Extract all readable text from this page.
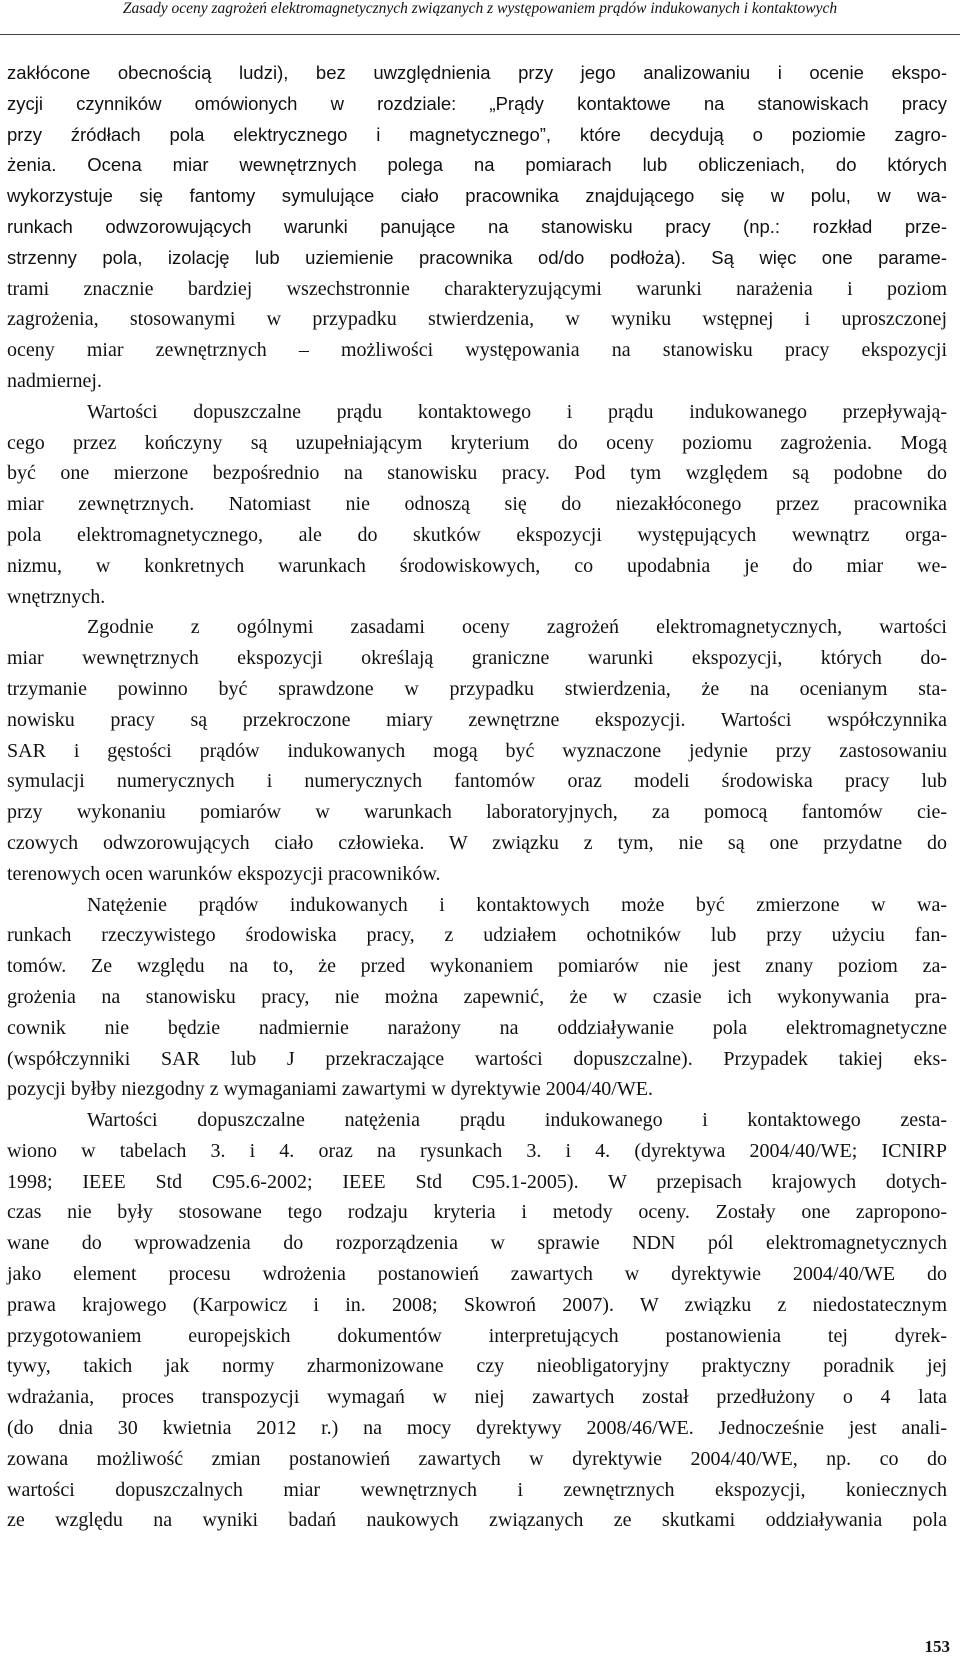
Zasady oceny zagrożeń elektromagnetycznych związanych z występowaniem prądów indukowanych i kontaktowych
zakłócone obecnością ludzi), bez uwzględnienia przy jego analizowaniu i ocenie ekspo-
zycji czynników omówionych w rozdziale: „Prądy kontaktowe na stanowiskach pracy
przy źródłach pola elektrycznego i magnetycznego”, które decydują o poziomie zagro-
żenia. Ocena miar wewnętrznych polega na pomiarach lub obliczeniach, do których
wykorzystuje się fantomy symulujące ciało pracownika znajdującego się w polu, w wa-
runkach odwzorowujących warunki panujące na stanowisku pracy (np.: rozkład prze-
strzenny pola, izolację lub uziemienie pracownika od/do podłoża). Są więc one parame-
trami znacznie bardziej wszechstronnie charakteryzującymi warunki narażenia i poziom
zagrożenia, stosowanymi w przypadku stwierdzenia, w wyniku wstępnej i uproszczonej
oceny miar zewnętrznych – możliwości występowania na stanowisku pracy ekspozycji
nadmiernej.
Wartości dopuszczalne prądu kontaktowego i prądu indukowanego przepływają-
cego przez kończyny są uzupełniającym kryterium do oceny poziomu zagrożenia. Mogą
być one mierzone bezpośrednio na stanowisku pracy. Pod tym względem są podobne do
miar zewnętrznych. Natomiast nie odnoszą się do niezakłóconego przez pracownika
pola elektromagnetycznego, ale do skutków ekspozycji występujących wewnątrz orga-
nizmu, w konkretnych warunkach środowiskowych, co upodabnia je do miar we-
wnętrznych.
Zgodnie z ogólnymi zasadami oceny zagrożeń elektromagnetycznych, wartości
miar wewnętrznych ekspozycji określają graniczne warunki ekspozycji, których do-
trzymanie powinno być sprawdzone w przypadku stwierdzenia, że na ocenianym sta-
nowisku pracy są przekroczone miary zewnętrzne ekspozycji. Wartości współczynnika
SAR i gęstości prądów indukowanych mogą być wyznaczone jedynie przy zastosowaniu
symulacji numerycznych i numerycznych fantomów oraz modeli środowiska pracy lub
przy wykonaniu pomiarów w warunkach laboratoryjnych, za pomocą fantomów cie-
czowych odwzorowujących ciało człowieka. W związku z tym, nie są one przydatne do
terenowych ocen warunków ekspozycji pracowników.
Natężenie prądów indukowanych i kontaktowych może być zmierzone w wa-
runkach rzeczywistego środowiska pracy, z udziałem ochotników lub przy użyciu fan-
tomów. Ze względu na to, że przed wykonaniem pomiarów nie jest znany poziom za-
grożenia na stanowisku pracy, nie można zapewnić, że w czasie ich wykonywania pra-
cownik nie będzie nadmiernie narażony na oddziaływanie pola elektromagnetyczne
(współczynniki SAR lub J przekraczające wartości dopuszczalne). Przypadek takiej eks-
pozycji byłby niezgodny z wymaganiami zawartymi w dyrektywie 2004/40/WE.
Wartości dopuszczalne natężenia prądu indukowanego i kontaktowego zesta-
wiono w tabelach 3. i 4. oraz na rysunkach 3. i 4. (dyrektywa 2004/40/WE; ICNIRP
1998; IEEE Std C95.6-2002; IEEE Std C95.1-2005). W przepisach krajowych dotych-
czas nie były stosowane tego rodzaju kryteria i metody oceny. Zostały one zapropono-
wane do wprowadzenia do rozporządzenia w sprawie NDN pól elektromagnetycznych
jako element procesu wdrożenia postanowień zawartych w dyrektywie 2004/40/WE do
prawa krajowego (Karpowicz i in. 2008; Skowroń 2007). W związku z niedostatecznym
przygotowaniem europejskich dokumentów interpretujących postanowienia tej dyrek-
tywy, takich jak normy zharmonizowane czy nieobligatoryjny praktyczny poradnik jej
wdrażania, proces transpozycji wymagań w niej zawartych został przedłużony o 4 lata
(do dnia 30 kwietnia 2012 r.) na mocy dyrektywy 2008/46/WE. Jednocześnie jest anali-
zowana możliwość zmian postanowień zawartych w dyrektywie 2004/40/WE, np. co do
wartości dopuszczalnych miar wewnętrznych i zewnętrznych ekspozycji, koniecznych
ze względu na wyniki badań naukowych związanych ze skutkami oddziaływania pola
153
